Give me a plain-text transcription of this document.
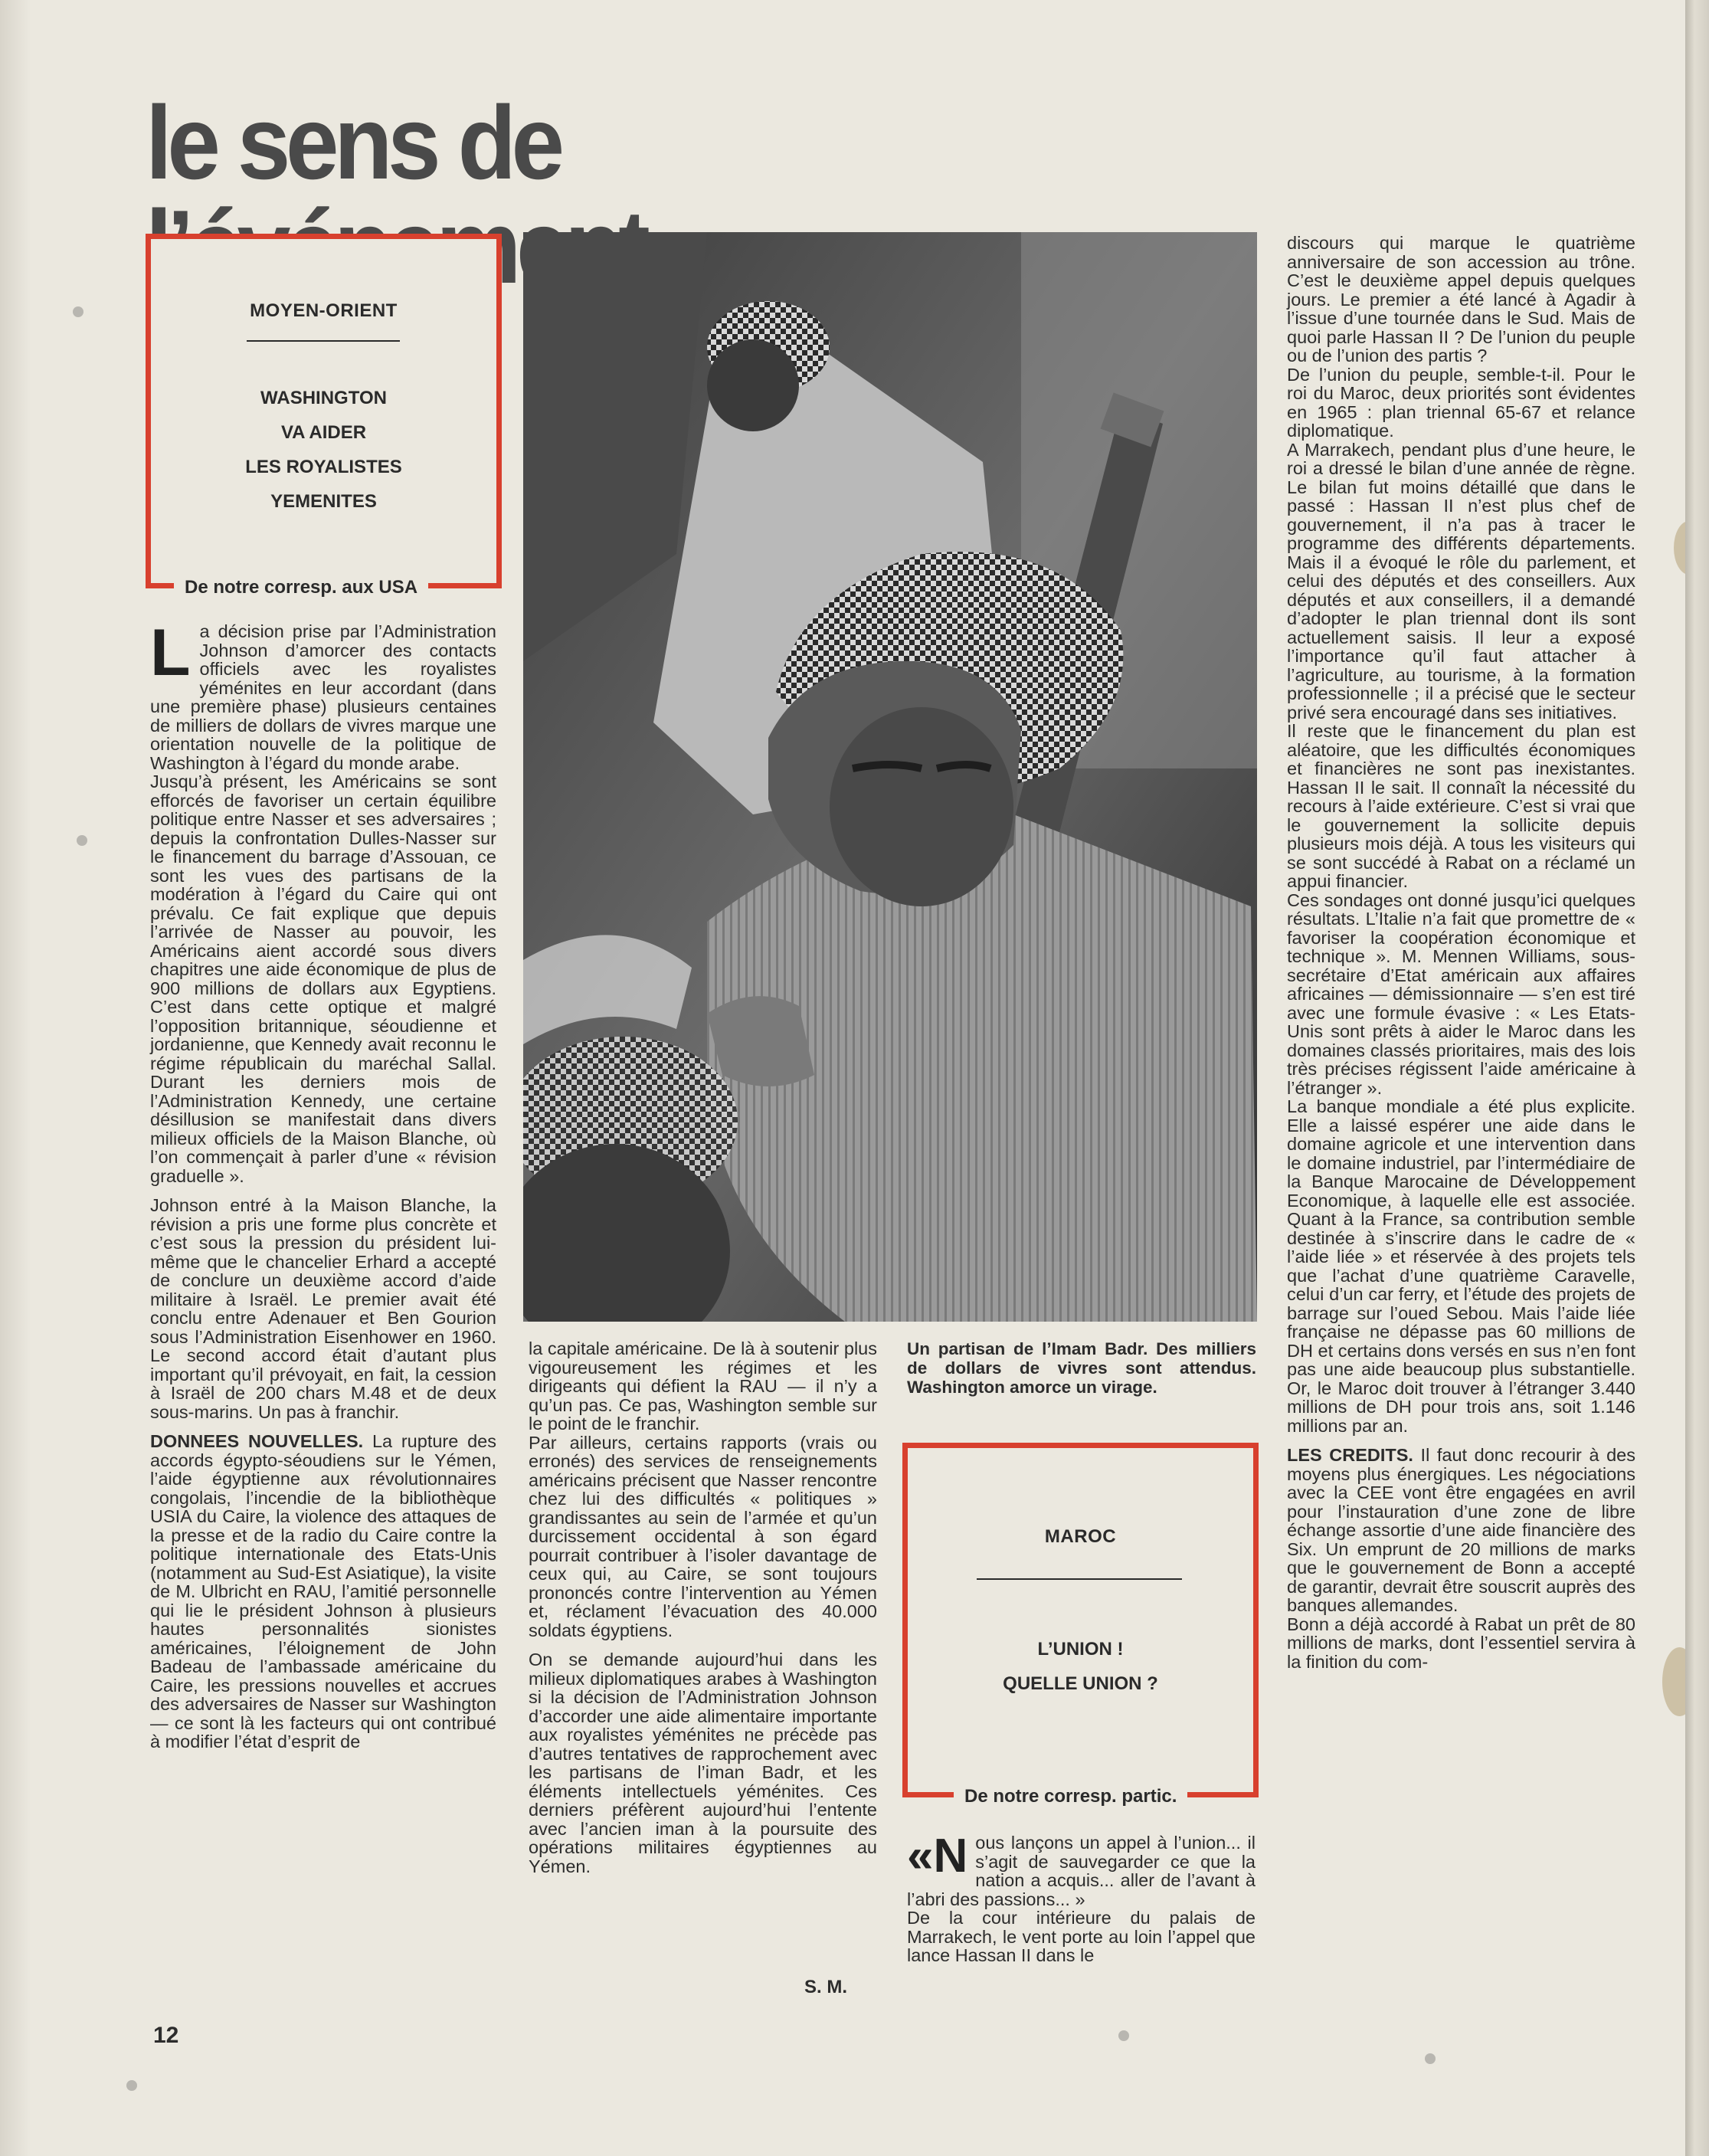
le sens de
MOYEN-ORIENT
WASHINGTON
VA AIDER
LES ROYALISTES
YEMENITES
De notre corresp. aux USA

La décision prise par l’Administration Johnson d’amorcer des contacts officiels avec les royalistes yéménites en leur accordant (dans une première phase) plusieurs centaines de milliers de dollars de vivres marque une orientation nouvelle de la politique de Washington à l’égard du monde arabe.

Jusqu’à présent, les Américains se sont efforcés de favoriser un certain équilibre politique entre Nasser et ses adversaires ; depuis la confrontation Dulles-Nasser sur le financement du barrage d’Assouan, ce sont les vues des partisans de la modération à l’égard du Caire qui ont prévalu. Ce fait explique que depuis l’arrivée de Nasser au pouvoir, les Américains aient accordé sous divers chapitres une aide économique de plus de 900 millions de dollars aux Egyptiens. C’est dans cette optique et malgré l’opposition britannique, séoudienne et jordanienne, que Kennedy avait reconnu le régime républicain du maréchal Sallal. Durant les derniers mois de l’Administration Kennedy, une certaine désillusion se manifestait dans divers milieux officiels de la Maison Blanche, où l’on commençait à parler d’une « révision graduelle ».

Johnson entré à la Maison Blanche, la révision a pris une forme plus concrète et c’est sous la pression du président lui-même que le chancelier Erhard a accepté de conclure un deuxième accord d’aide militaire à Israël. Le premier avait été conclu entre Adenauer et Ben Gourion sous l’Administration Eisenhower en 1960. Le second accord était d’autant plus important qu’il prévoyait, en fait, la cession à Israël de 200 chars M.48 et de deux sous-marins. Un pas à franchir.

DONNEES NOUVELLES. La rupture des accords égypto-séoudiens sur le Yémen, l’aide égyptienne aux révolutionnaires congolais, l’incendie de la bibliothèque USIA du Caire, la violence des attaques de la presse et de la radio du Caire contre la politique internationale des Etats-Unis (notamment au Sud-Est Asiatique), la visite de M. Ulbricht en RAU, l’amitié personnelle qui lie le président Johnson à plusieurs hautes personnalités sionistes américaines, l’éloignement de John Badeau de l’ambassade américaine du Caire, les pressions nouvelles et accrues des adversaires de Nasser sur Washington — ce sont là les facteurs qui ont contribué à modifier l’état d’esprit de

la capitale américaine. De là à soutenir plus vigoureusement les régimes et les dirigeants qui défient la RAU — il n’y a qu’un pas. Ce pas, Washington semble sur le point de le franchir.

Par ailleurs, certains rapports (vrais ou erronés) des services de renseignements américains précisent que Nasser rencontre chez lui des difficultés « politiques » grandissantes au sein de l’armée et qu’un durcissement occidental à son égard pourrait contribuer à l’isoler davantage de ceux qui, au Caire, se sont toujours prononcés contre l’intervention au Yémen et, réclament l’évacuation des 40.000 soldats égyptiens.

On se demande aujourd’hui dans les milieux diplomatiques arabes à Washington si la décision de l’Administration Johnson d’accorder une aide alimentaire importante aux royalistes yéménites ne précède pas d’autres tentatives de rapprochement avec les partisans de l’iman Badr, et les éléments intellectuels yéménites. Ces derniers préfèrent aujourd’hui l’entente avec l’ancien iman à la poursuite des opérations militaires égyptiennes au Yémen.

S. M.

Un partisan de l’Imam Badr. Des milliers de dollars de vivres sont attendus. Washington amorce un virage.

MAROC
L’UNION !
QUELLE UNION ?
De notre corresp. partic.

«Nous lançons un appel à l’union... il s’agit de sauvegarder ce que la nation a acquis... aller de l’avant à l’abri des passions... »

De la cour intérieure du palais de Marrakech, le vent porte au loin l’appel que lance Hassan II dans le

discours qui marque le quatrième anniversaire de son accession au trône. C’est le deuxième appel depuis quelques jours. Le premier a été lancé à Agadir à l’issue d’une tournée dans le Sud. Mais de quoi parle Hassan II ? De l’union du peuple ou de l’union des partis ?

De l’union du peuple, semble-t-il. Pour le roi du Maroc, deux priorités sont évidentes en 1965 : plan triennal 65-67 et relance diplomatique.

A Marrakech, pendant plus d’une heure, le roi a dressé le bilan d’une année de règne. Le bilan fut moins détaillé que dans le passé : Hassan II n’est plus chef de gouvernement, il n’a pas à tracer le programme des différents départements. Mais il a évoqué le rôle du parlement, et celui des députés et des conseillers. Aux députés et aux conseillers, il a demandé d’adopter le plan triennal dont ils sont actuellement saisis. Il leur a exposé l’importance qu’il faut attacher à l’agriculture, au tourisme, à la formation professionnelle ; il a précisé que le secteur privé sera encouragé dans ses initiatives.

Il reste que le financement du plan est aléatoire, que les difficultés économiques et financières ne sont pas inexistantes. Hassan II le sait. Il connaît la nécessité du recours à l’aide extérieure. C’est si vrai que le gouvernement la sollicite depuis plusieurs mois déjà. A tous les visiteurs qui se sont succédé à Rabat on a réclamé un appui financier.

Ces sondages ont donné jusqu’ici quelques résultats. L’Italie n’a fait que promettre de « favoriser la coopération économique et technique ». M. Mennen Williams, sous-secrétaire d’Etat américain aux affaires africaines — démissionnaire — s’en est tiré avec une formule évasive : « Les Etats-Unis sont prêts à aider le Maroc dans les domaines classés prioritaires, mais des lois très précises régissent l’aide américaine à l’étranger ».

La banque mondiale a été plus explicite. Elle a laissé espérer une aide dans le domaine agricole et une intervention dans le domaine industriel, par l’intermédiaire de la Banque Marocaine de Développement Economique, à laquelle elle est associée. Quant à la France, sa contribution semble destinée à s’inscrire dans le cadre de « l’aide liée » et réservée à des projets tels que l’achat d’une quatrième Caravelle, celui d’un car ferry, et l’étude des projets de barrage sur l’oued Sebou. Mais l’aide liée française ne dépasse pas 60 millions de DH et certains dons versés en sus n’en font pas une aide beaucoup plus substantielle. Or, le Maroc doit trouver à l’étranger 3.440 millions de DH pour trois ans, soit 1.146 millions par an.

LES CREDITS. Il faut donc recourir à des moyens plus énergiques. Les négociations avec la CEE vont être engagées en avril pour l’instauration d’une zone de libre échange assortie d’une aide financière des Six. Un emprunt de 20 millions de marks que le gouvernement de Bonn a accepté de garantir, devrait être souscrit auprès des banques allemandes.

Bonn a déjà accordé à Rabat un prêt de 80 millions de marks, dont l’essentiel servira à la finition du com-

12
